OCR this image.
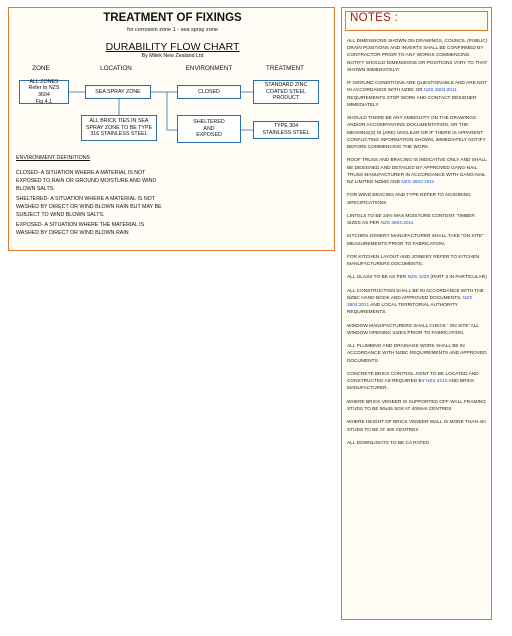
TREATMENT OF FIXINGS
for corrosion zone 1 - sea spray zone
DURABILITY FLOW CHART
By Mitek New Zealand Ltd
ZONE	LOCATION	ENVIRONMENT	TREATMENT
ALL ZONES
Refer to NZS 3604
Fig 4.1
SEA SPRAY ZONE
ALL BRICK TIES IN SEA
SPRAY ZONE TO BE TYPE
316 STAINLESS STEEL
CLOSED
SHELTERED
AND
EXPOSED
STANDARD ZINC
COATED STEEL
PRODUCT
TYPE 304
STAINLESS STEEL
ENVIRONMENT DEFINITIONS
CLOSED- A SITUATION WHERE A MATERIAL IS NOT EXPOSED TO RAIN OR GROUND MOISTURE AND WIND BLOWN SALTS.
SHELTERED- A SITUATION WHERE A MATERIAL IS NOT WASHED BY DIRECT OR WIND BLOWN RAIN BUT MAY BE SUBJECT TO WIND BLOWN SALTS.
EXPOSED- A SITUATION WHERE THE MATERIAL IS WASHED BY DIRECT OR WIND BLOWN RAIN
NOTES :

ALL DIMENSIONS SHOWN ON DRAWINGS, COUNCIL (PUBLIC) DRAIN POSITIONS AND INVERTS SHALL BE CONFIRMED BY CONTRACTOR PRIOR TO ANY WORKS COMMENCING. NOTIFY SHOULD DIMENSIONS OR POSITIONS VARY TO THAT SHOWN IMMEDIATELY!

IF GROUND CONDITIONS ARE QUESTIONABLE AND ARE NOT IN ACCORDANCE WITH NZBC OR NZS 3604:2011 REQUIREMENTS STOP WORK AND CONTACT DESIGNER IMMEDIATELY.

SHOULD THERE BE ANY AMBIGUITY ON THE DRAWINGS AND/OR ACCOMPANYING DOCUMENTATION, OR THE MEANING(S) IS (ARE) UNCLEAR OR IF THERE IS APPARENT CONFLICTING INFORMATION SHOWN, IMMEDIATELY NOTIFY BEFORE COMMENCING THE WORK.

ROOF TRUSS AND BRACING IS INDICATIVE ONLY AND SHALL BE DESIGNED AND DETAILED BY APPROVED GANG-NAIL TRUSS MANUFACTURER IN ACCORDANCE WITH GANG-NAIL NZ LIMITED NZ500 AND NZS 3604:2011

FOR WIND BRACING AND TYPE REFER TO ADJOINING SPECIFICATIONS

LINTELS TO BE 24% MAX MOISTURE CONTENT. TIMBER SIZES AS PER NZS 3604:2011

KITCHEN JOINERY MANUFACTURER SHALL TAKE "ON SITE" MEASUREMENTS PRIOR TO FABRICATION.

FOR KITCHEN LAYOUT AND JOINERY REFER TO KITCHEN MANUFACTURERS DOCUMENTS.

ALL GLASS TO BE AS PER NZS 4223 (PART 3 IN PARTICULAR)

ALL CONSTRUCTION SHALL BE IN ACCORDANCE WITH THE NZBC HAND BOOK AND APPROVED DOCUMENTS, NZS 3604:2011 AND LOCAL TERRITORIAL AUTHORITY REQUIREMENTS.

WINDOW MANUFACTURERS SHALL CHECK ' ON SITE' ALL WINDOW OPENING SIZES PRIOR TO FABRICATION.

ALL PLUMBING AND DRAINAGE WORK SHALL BE IN ACCORDANCE WITH NZBC REQUIREMENTS AND APPROVED DOCUMENTS.

CONCRETE BRICK CONTROL JOINT TO BE LOCATED AND CONSTRUCTED AS REQUIRED BY NZS 4210 AND BRICK MANUFACTURER.

WHERE BRICK VENEER IS SUPPORTED OFF WALL FRAMING STUDS TO BE 90x45 SG8 AT 400mm CENTRES

WHERE HEIGHT OF BRICK VENEER WALL IS MORE THAN 4m STUDS TO BE AT 400 CENTRES

ALL DOWNLIGHTS TO BE CA RATED
